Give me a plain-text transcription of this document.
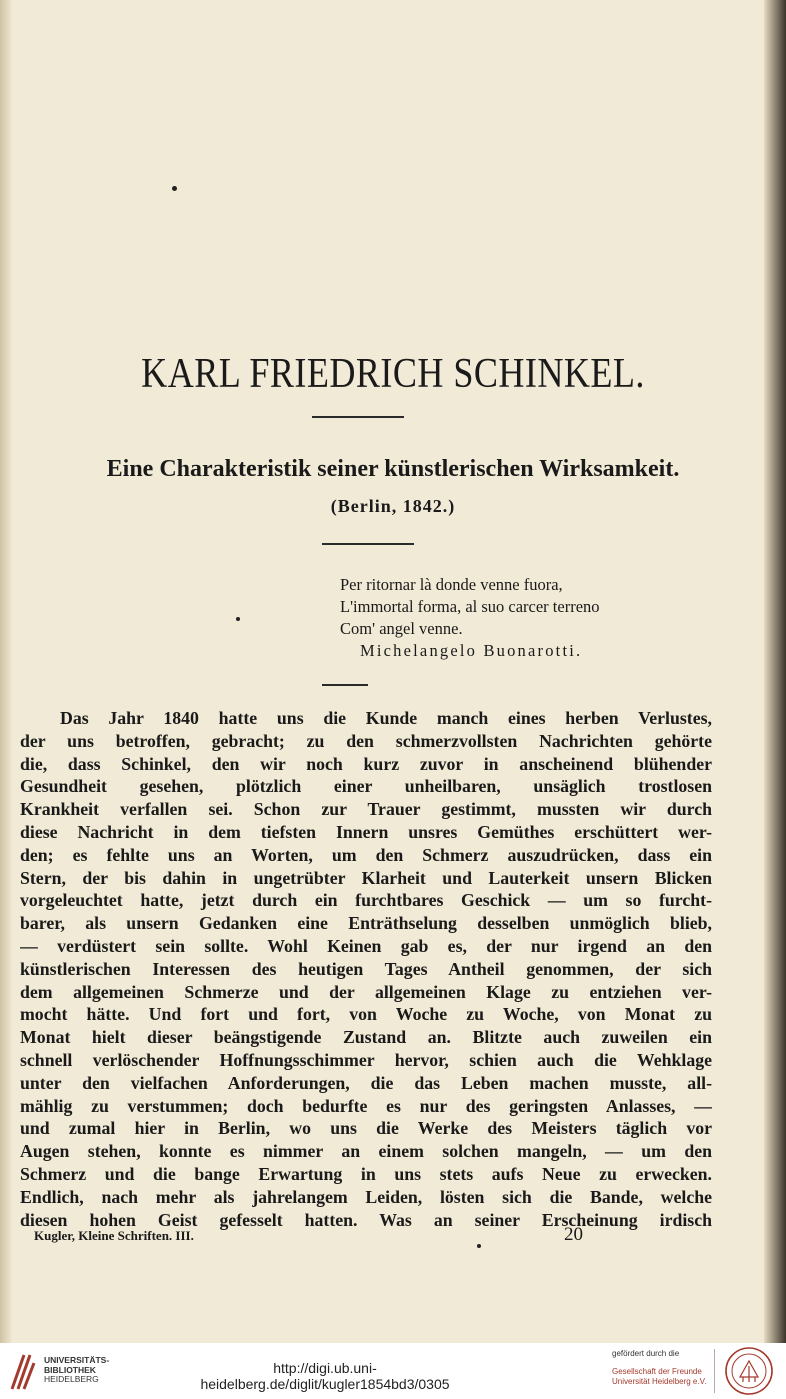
KARL FRIEDRICH SCHINKEL.
Eine Charakteristik seiner künstlerischen Wirksamkeit.
(Berlin, 1842.)
Per ritornar là donde venne fuora,
L'immortal forma, al suo carcer terreno
Com' angel venne.
Michelangelo Buonarotti.
Das Jahr 1840 hatte uns die Kunde manch eines herben Verlustes,
der uns betroffen, gebracht; zu den schmerzvollsten Nachrichten gehörte
die, dass Schinkel, den wir noch kurz zuvor in anscheinend blühender
Gesundheit gesehen, plötzlich einer unheilbaren, unsäglich trostlosen
Krankheit verfallen sei. Schon zur Trauer gestimmt, mussten wir durch
diese Nachricht in dem tiefsten Innern unsres Gemüthes erschüttert wer-
den; es fehlte uns an Worten, um den Schmerz auszudrücken, dass ein
Stern, der bis dahin in ungetrübter Klarheit und Lauterkeit unsern Blicken
vorgeleuchtet hatte, jetzt durch ein furchtbares Geschick — um so furcht-
barer, als unsern Gedanken eine Enträthselung desselben unmöglich blieb,
— verdüstert sein sollte. Wohl Keinen gab es, der nur irgend an den
künstlerischen Interessen des heutigen Tages Antheil genommen, der sich
dem allgemeinen Schmerze und der allgemeinen Klage zu entziehen ver-
mocht hätte. Und fort und fort, von Woche zu Woche, von Monat zu
Monat hielt dieser beängstigende Zustand an. Blitzte auch zuweilen ein
schnell verlöschender Hoffnungsschimmer hervor, schien auch die Wehklage
unter den vielfachen Anforderungen, die das Leben machen musste, all-
mählig zu verstummen; doch bedurfte es nur des geringsten Anlasses, —
und zumal hier in Berlin, wo uns die Werke des Meisters täglich vor
Augen stehen, konnte es nimmer an einem solchen mangeln, — um den
Schmerz und die bange Erwartung in uns stets aufs Neue zu erwecken.
Endlich, nach mehr als jahrelangem Leiden, lösten sich die Bande, welche
diesen hohen Geist gefesselt hatten. Was an seiner Erscheinung irdisch
Kugler, Kleine Schriften. III.	20
UNIVERSITÄTS-
BIBLIOTHEK
HEIDELBERG
http://digi.ub.uni-heidelberg.de/diglit/kugler1854bd3/0305
gefördert durch die
Gesellschaft der Freunde
Universität Heidelberg e.V.
